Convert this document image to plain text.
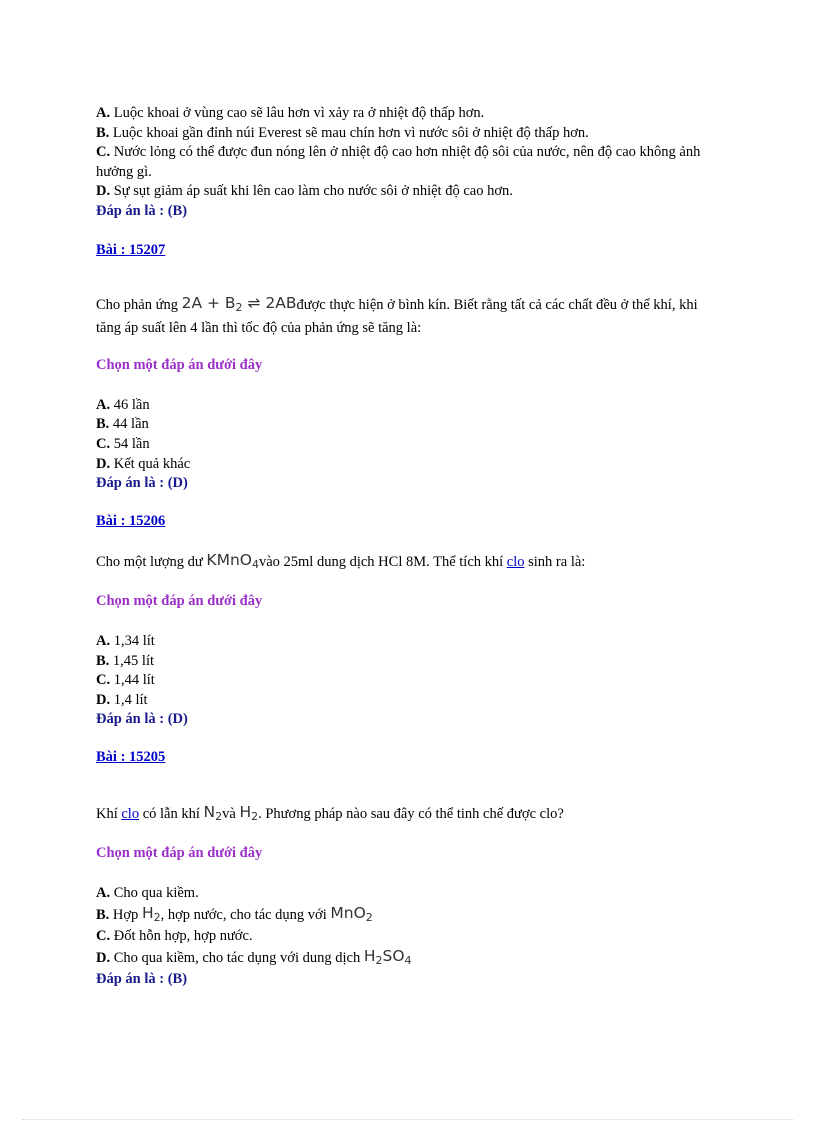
A. Luộc khoai ở vùng cao sẽ lâu hơn vì xảy ra ở nhiệt độ thấp hơn.

B. Luộc khoai gần đỉnh núi Everest sẽ mau chín hơn vì nước sôi ở nhiệt độ thấp hơn.

C. Nước lỏng có thể được đun nóng lên ở nhiệt độ cao hơn nhiệt độ sôi của nước, nên độ cao không ảnh hưởng gì.

D. Sự sụt giảm áp suất khi lên cao làm cho nước sôi ở nhiệt độ cao hơn.

Đáp án là : (B)
Bài : 15207

Cho phản ứng $2A + B_2$ ⇌ 2ABđược thực hiện ở bình kín. Biết rằng tất cả các chất đều ở thể khí, khi tăng áp suất lên 4 lần thì tốc độ của phản ứng sẽ tăng là:

Chọn một đáp án dưới đây

A. 46 lần

B. 44 lần

C. 54 lần

D. Kết quả khác

Đáp án là : (D)
Bài : 15206

Cho một lượng dư KMnO$_4$vào 25ml dung dịch HCl 8M. Thể tích khí clo sinh ra là:

Chọn một đáp án dưới đây

A. 1,34 lít

B. 1,45 lít

C. 1,44 lít

D. 1,4 lít

Đáp án là : (D)
Bài : 15205

Khí clo có lẫn khí $N_2và$ $H_2$. Phương pháp nào sau đây có thể tinh chế được clo?

Chọn một đáp án dưới đây

A. Cho qua kiềm.

B. Hợp $H_2$, hợp nước, cho tác dụng với MnO$_2$

C. Đốt hỗn hợp, hợp nước.

D. Cho qua kiềm, cho tác dụng với dung dịch $H_2SO_4$

Đáp án là : (B)
